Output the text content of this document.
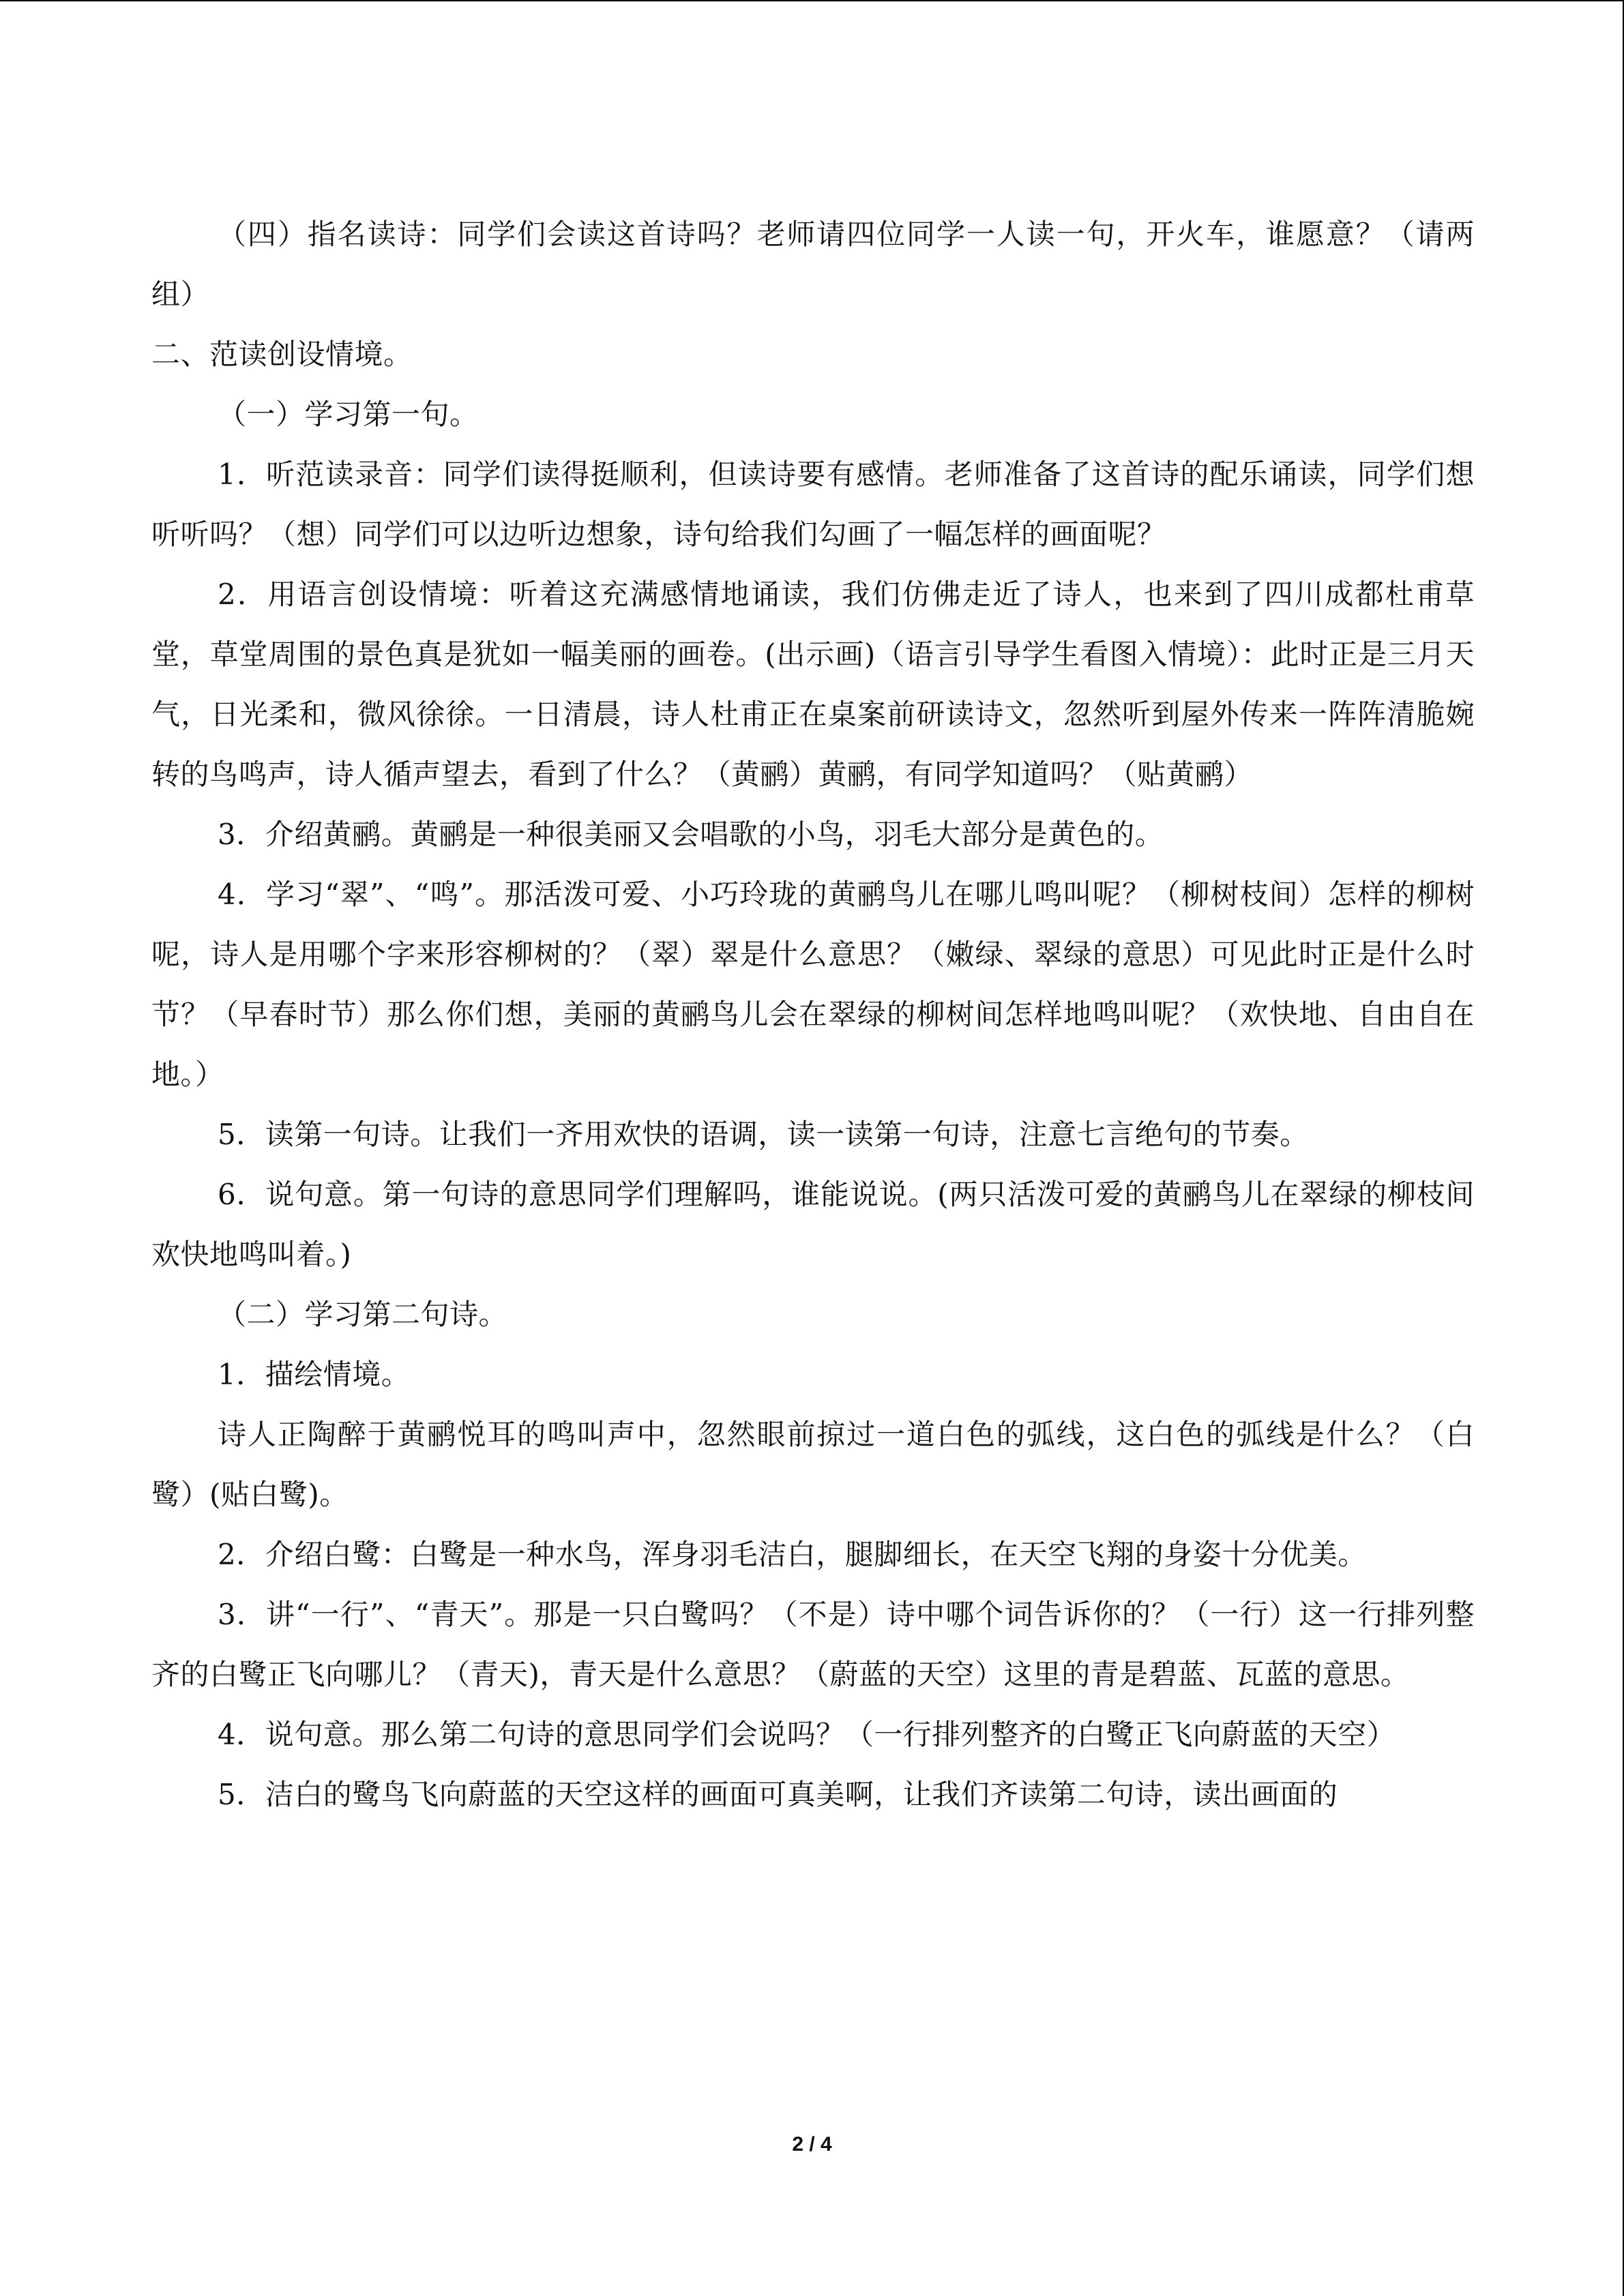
（四）指名读诗：同学们会读这首诗吗？老师请四位同学一人读一句，开火车，谁愿意？（请两组）

二、范读创设情境。

（一）学习第一句。

1．听范读录音：同学们读得挺顺利，但读诗要有感情。老师准备了这首诗的配乐诵读，同学们想听听吗？（想）同学们可以边听边想象，诗句给我们勾画了一幅怎样的画面呢？

2．用语言创设情境：听着这充满感情地诵读，我们仿佛走近了诗人，也来到了四川成都杜甫草堂，草堂周围的景色真是犹如一幅美丽的画卷。(出示画)（语言引导学生看图入情境）：此时正是三月天气，日光柔和，微风徐徐。一日清晨，诗人杜甫正在桌案前研读诗文，忽然听到屋外传来一阵阵清脆婉转的鸟鸣声，诗人循声望去，看到了什么？（黄鹂）黄鹂，有同学知道吗？（贴黄鹂）

3．介绍黄鹂。黄鹂是一种很美丽又会唱歌的小鸟，羽毛大部分是黄色的。

4．学习“翠”、“鸣”。那活泼可爱、小巧玲珑的黄鹂鸟儿在哪儿鸣叫呢？（柳树枝间）怎样的柳树呢，诗人是用哪个字来形容柳树的？（翠）翠是什么意思？（嫩绿、翠绿的意思）可见此时正是什么时节？（早春时节）那么你们想，美丽的黄鹂鸟儿会在翠绿的柳树间怎样地鸣叫呢？（欢快地、自由自在地。）

5．读第一句诗。让我们一齐用欢快的语调，读一读第一句诗，注意七言绝句的节奏。

6．说句意。第一句诗的意思同学们理解吗，谁能说说。(两只活泼可爱的黄鹂鸟儿在翠绿的柳枝间欢快地鸣叫着。)

（二）学习第二句诗。

1．描绘情境。

诗人正陶醉于黄鹂悦耳的鸣叫声中，忽然眼前掠过一道白色的弧线，这白色的弧线是什么？（白鹭）(贴白鹭)。

2．介绍白鹭：白鹭是一种水鸟，浑身羽毛洁白，腿脚细长，在天空飞翔的身姿十分优美。

3．讲“一行”、“青天”。那是一只白鹭吗？（不是）诗中哪个词告诉你的？（一行）这一行排列整齐的白鹭正飞向哪儿？（青天)，青天是什么意思？（蔚蓝的天空）这里的青是碧蓝、瓦蓝的意思。

4．说句意。那么第二句诗的意思同学们会说吗？（一行排列整齐的白鹭正飞向蔚蓝的天空）

5．洁白的鹭鸟飞向蔚蓝的天空这样的画面可真美啊，让我们齐读第二句诗，读出画面的

2 / 4
